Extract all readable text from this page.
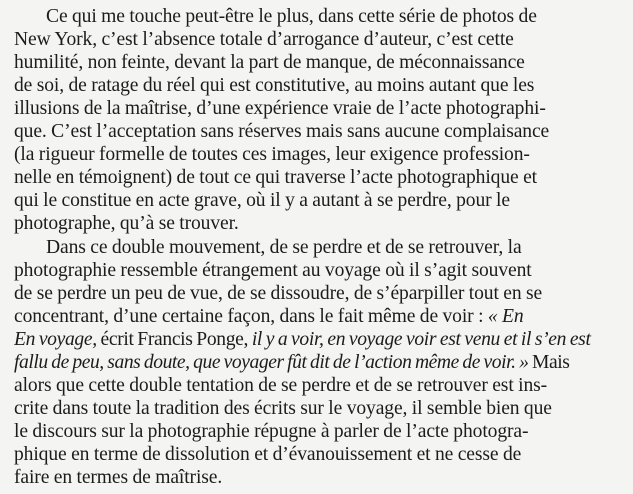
Ce qui me touche peut-être le plus, dans cette série de photos de
New York, c’est l’absence totale d’arrogance d’auteur, c’est cette
humilité, non feinte, devant la part de manque, de méconnaissance
de soi, de ratage du réel qui est constitutive, au moins autant que les
illusions de la maîtrise, d’une expérience vraie de l’acte photographi-
que. C’est l’acceptation sans réserves mais sans aucune complaisance
(la rigueur formelle de toutes ces images, leur exigence profession-
nelle en témoignent) de tout ce qui traverse l’acte photographique et
qui le constitue en acte grave, où il y a autant à se perdre, pour le
photographe, qu’à se trouver.
Dans ce double mouvement, de se perdre et de se retrouver, la
photographie ressemble étrangement au voyage où il s’agit souvent
de se perdre un peu de vue, de se dissoudre, de s’éparpiller tout en se
concentrant, d’une certaine façon, dans le fait même de voir : « En
En voyage, écrit Francis Ponge, il y a voir, en voyage voir est venu et il s’en est
fallu de peu, sans doute, que voyager fût dit de l’action même de voir. » Mais
alors que cette double tentation de se perdre et de se retrouver est ins-
crite dans toute la tradition des écrits sur le voyage, il semble bien que
le discours sur la photographie répugne à parler de l’acte photogra-
phique en terme de dissolution et d’évanouissement et ne cesse de
faire en termes de maîtrise.
